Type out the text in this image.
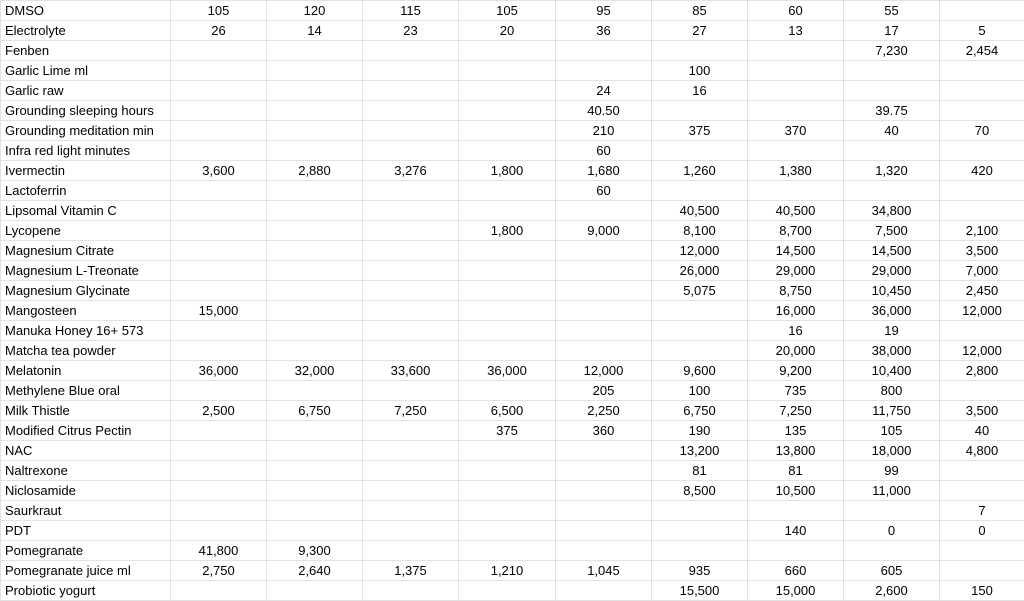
DMSO	105	120	115	105	95	85	60	55	
Electrolyte	26	14	23	20	36	27	13	17	5
Fenben								7,230	2,454
Garlic Lime ml						100			
Garlic raw					24	16			
Grounding sleeping hours					40.50			39.75	
Grounding meditation min					210	375	370	40	70
Infra red light minutes					60				
Ivermectin	3,600	2,880	3,276	1,800	1,680	1,260	1,380	1,320	420
Lactoferrin					60				
Lipsomal Vitamin C						40,500	40,500	34,800	
Lycopene				1,800	9,000	8,100	8,700	7,500	2,100
Magnesium Citrate						12,000	14,500	14,500	3,500
Magnesium L-Treonate						26,000	29,000	29,000	7,000
Magnesium Glycinate						5,075	8,750	10,450	2,450
Mangosteen	15,000						16,000	36,000	12,000
Manuka Honey 16+ 573							16	19	
Matcha tea powder							20,000	38,000	12,000
Melatonin	36,000	32,000	33,600	36,000	12,000	9,600	9,200	10,400	2,800
Methylene Blue oral					205	100	735	800	
Milk Thistle	2,500	6,750	7,250	6,500	2,250	6,750	7,250	11,750	3,500
Modified Citrus Pectin				375	360	190	135	105	40
NAC						13,200	13,800	18,000	4,800
Naltrexone						81	81	99	
Niclosamide						8,500	10,500	11,000	
Saurkraut									7
PDT							140	0	0
Pomegranate	41,800	9,300							
Pomegranate juice ml	2,750	2,640	1,375	1,210	1,045	935	660	605	
Probiotic yogurt						15,500	15,000	2,600	150
